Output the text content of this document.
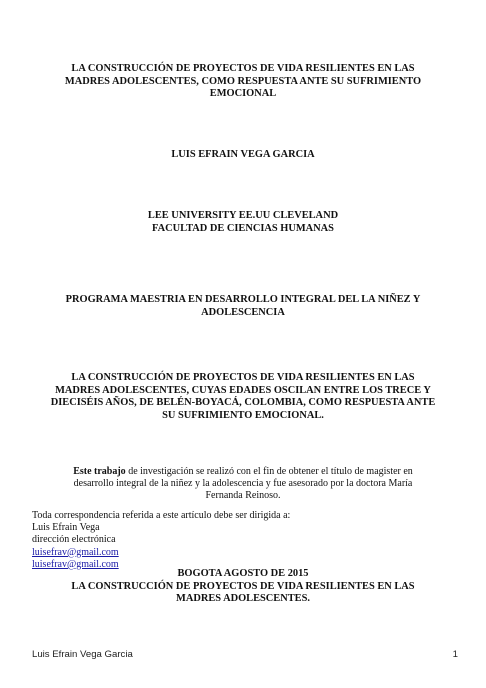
LA CONSTRUCCIÓN DE PROYECTOS DE VIDA RESILIENTES EN LAS
MADRES ADOLESCENTES, COMO RESPUESTA ANTE SU SUFRIMIENTO
EMOCIONAL
LUIS EFRAIN VEGA GARCIA
LEE UNIVERSITY EE.UU CLEVELAND
FACULTAD DE CIENCIAS HUMANAS
PROGRAMA MAESTRIA EN DESARROLLO INTEGRAL DEL LA NIÑEZ Y
ADOLESCENCIA
LA CONSTRUCCIÓN DE PROYECTOS DE VIDA RESILIENTES EN LAS
MADRES ADOLESCENTES, CUYAS EDADES OSCILAN ENTRE LOS TRECE Y
DIECISÉIS AÑOS, DE BELÉN-BOYACÁ, COLOMBIA, COMO RESPUESTA ANTE
SU SUFRIMIENTO EMOCIONAL.
Este trabajo de investigación se realizó con el fin de obtener el título de magister en
desarrollo integral de la niñez y la adolescencia y fue asesorado por la doctora María
Fernanda Reinoso.
Toda correspondencia referida a este artículo debe ser dirigida a:
Luis Efrain Vega
dirección electrónica
luisefrav@gmail.com
luisefrav@gmail.com
BOGOTA AGOSTO DE 2015
LA CONSTRUCCIÓN DE PROYECTOS DE VIDA RESILIENTES EN LAS
MADRES ADOLESCENTES.
Luis Efrain Vega Garcia	1
